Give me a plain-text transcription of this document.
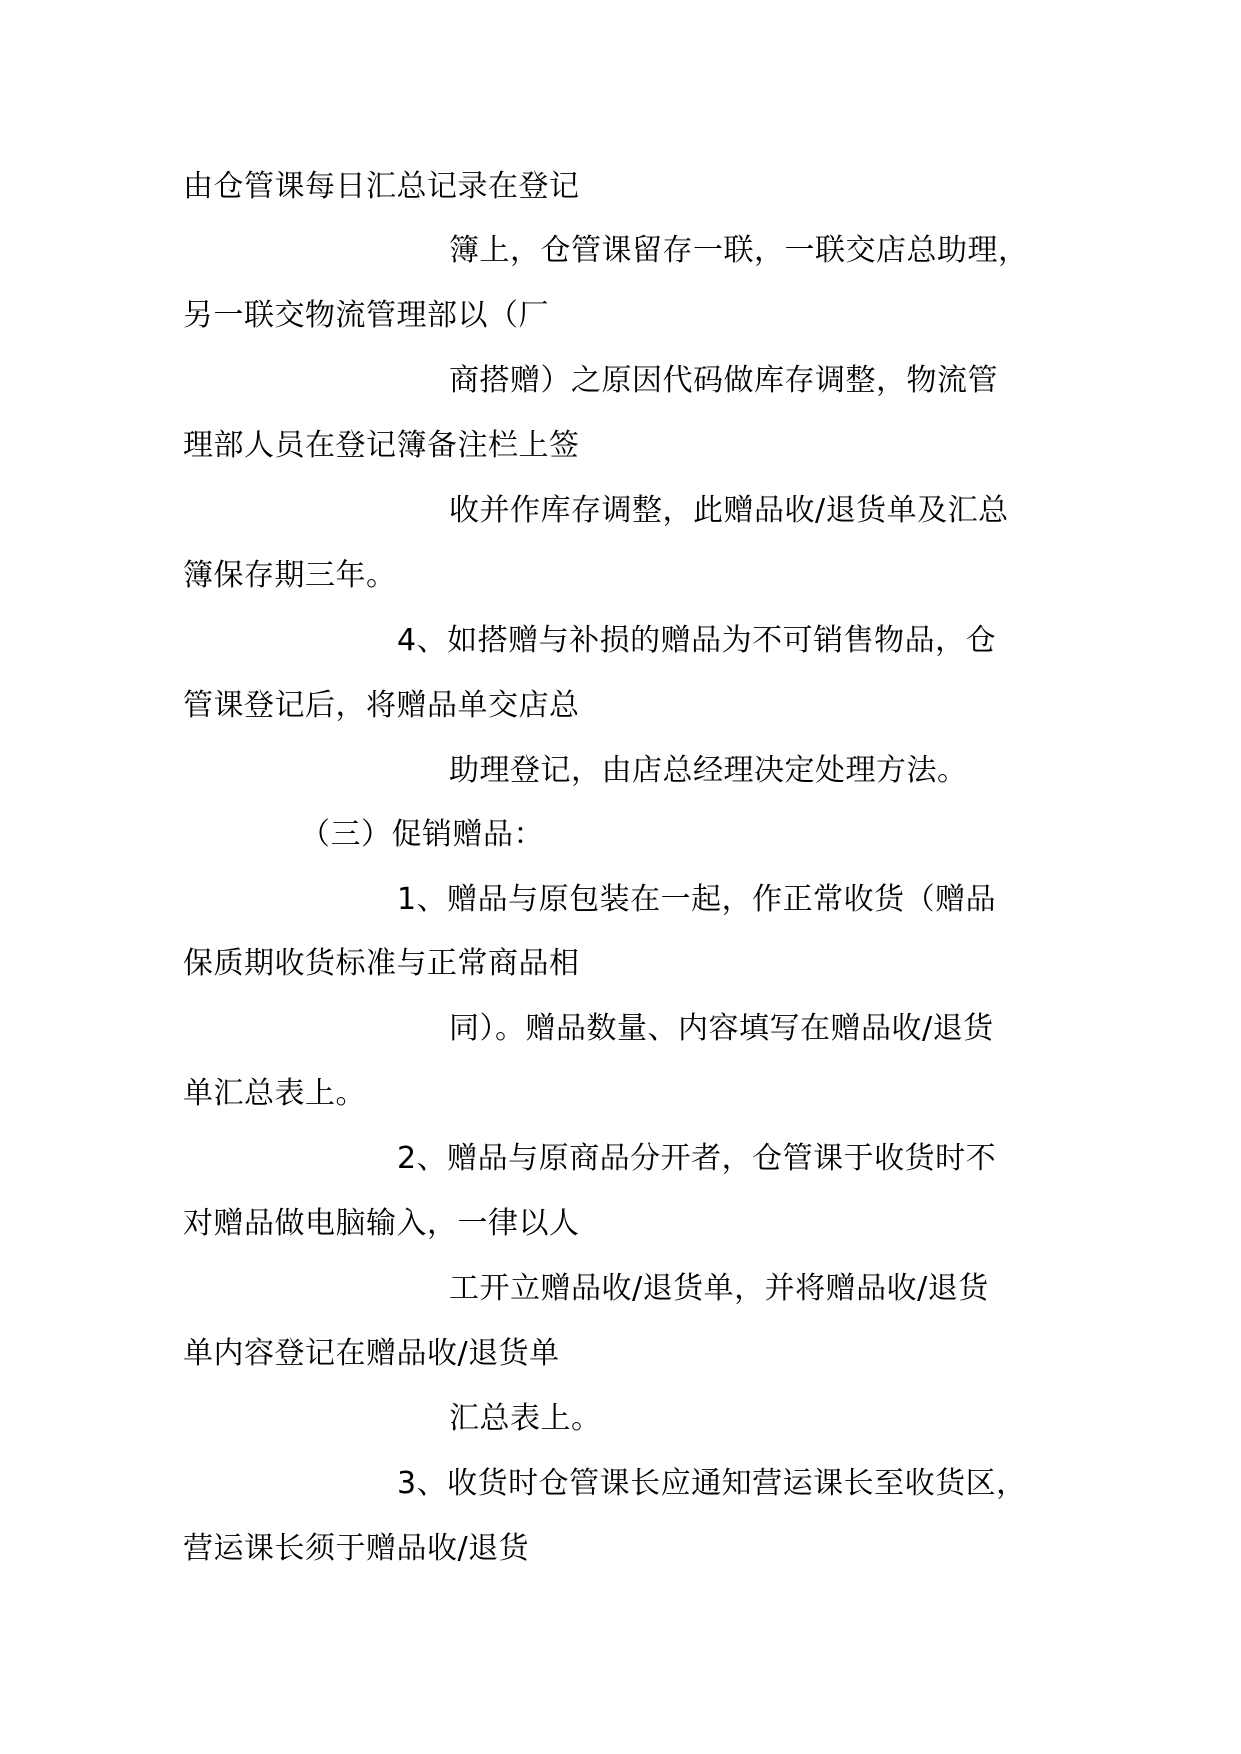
由仓管课每日汇总记录在登记
簿上，仓管课留存一联，一联交店总助理，
另一联交物流管理部以（厂
商搭赠）之原因代码做库存调整，物流管
理部人员在登记簿备注栏上签
收并作库存调整，此赠品收/退货单及汇总
簿保存期三年。
4、如搭赠与补损的赠品为不可销售物品，仓
管课登记后，将赠品单交店总
助理登记，由店总经理决定处理方法。
（三）促销赠品：
1、赠品与原包装在一起，作正常收货（赠品
保质期收货标准与正常商品相
同）。赠品数量、内容填写在赠品收/退货
单汇总表上。
2、赠品与原商品分开者，仓管课于收货时不
对赠品做电脑输入，一律以人
工开立赠品收/退货单，并将赠品收/退货
单内容登记在赠品收/退货单
汇总表上。
3、收货时仓管课长应通知营运课长至收货区，
营运课长须于赠品收/退货
